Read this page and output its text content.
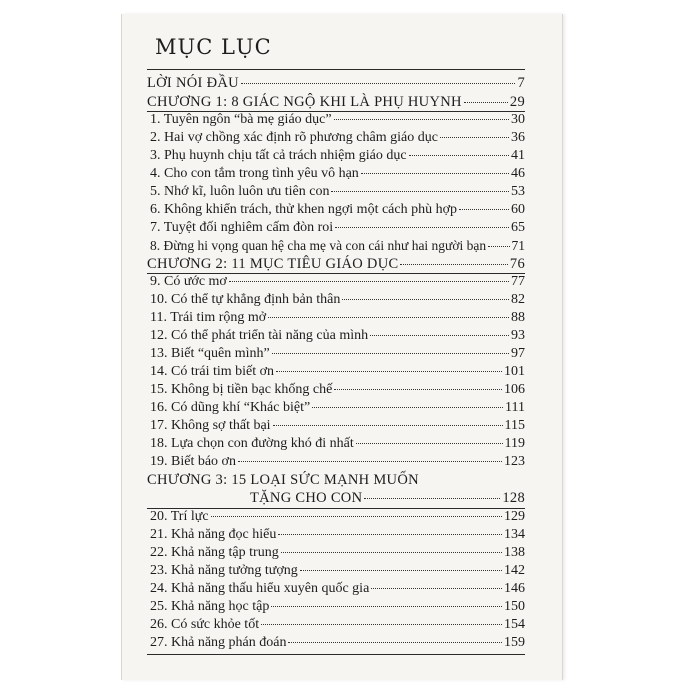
MỤC LỤC
LỜI NÓI ĐẦU	7
CHƯƠNG 1: 8 GIÁC NGỘ KHI LÀ PHỤ HUYNH	29
1. Tuyên ngôn “bà mẹ giáo dục”	30
2. Hai vợ chồng xác định rõ phương châm giáo dục	36
3. Phụ huynh chịu tất cả trách nhiệm giáo dục	41
4. Cho con tắm trong tình yêu vô hạn	46
5. Nhớ kĩ, luôn luôn ưu tiên con	53
6. Không khiển trách, thử khen ngợi một cách phù hợp	60
7. Tuyệt đối nghiêm cấm đòn roi	65
8. Đừng hi vọng quan hệ cha mẹ và con cái như hai người bạn 71
CHƯƠNG 2: 11 MỤC TIÊU GIÁO DỤC	76
9. Có ước mơ	77
10. Có thể tự khẳng định bản thân	82
11. Trái tim rộng mở	88
12. Có thể phát triển tài năng của mình	93
13. Biết “quên mình”	97
14. Có trái tim biết ơn	101
15. Không bị tiền bạc khống chế	106
16. Có dũng khí “Khác biệt”	111
17. Không sợ thất bại	115
18. Lựa chọn con đường khó đi nhất	119
19. Biết báo ơn	123
CHƯƠNG 3: 15 LOẠI SỨC MẠNH MUỐN
TẶNG CHO CON	128
20. Trí lực	129
21. Khả năng đọc hiểu	134
22. Khả năng tập trung	138
23. Khả năng tưởng tượng	142
24. Khả năng thấu hiểu xuyên quốc gia	146
25. Khả năng học tập	150
26. Có sức khỏe tốt	154
27. Khả năng phán đoán	159
